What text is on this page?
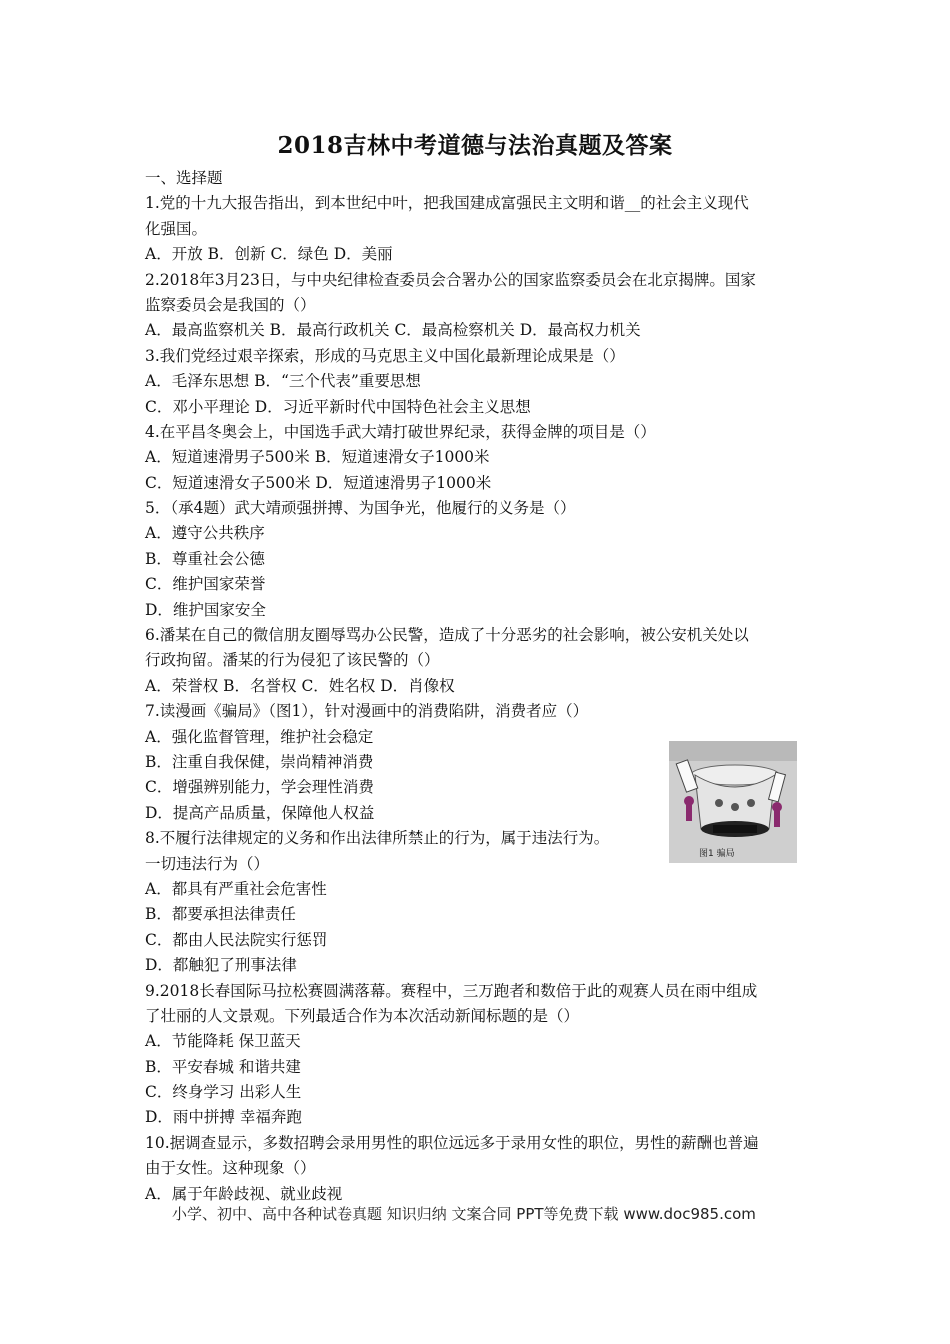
2018吉林中考道德与法治真题及答案
一、选择题
1.党的十九大报告指出，到本世纪中叶，把我国建成富强民主文明和谐__的社会主义现代
化强国。
A．开放 B．创新 C．绿色 D．美丽
2.2018年3月23日，与中央纪律检查委员会合署办公的国家监察委员会在北京揭牌。国家
监察委员会是我国的（）
A．最高监察机关 B．最高行政机关 C．最高检察机关 D．最高权力机关
3.我们党经过艰辛探索，形成的马克思主义中国化最新理论成果是（）
A．毛泽东思想 B．“三个代表”重要思想
C．邓小平理论 D．习近平新时代中国特色社会主义思想
4.在平昌冬奥会上，中国选手武大靖打破世界纪录，获得金牌的项目是（）
A．短道速滑男子500米 B．短道速滑女子1000米
C．短道速滑女子500米 D．短道速滑男子1000米
5．（承4题）武大靖顽强拼搏、为国争光，他履行的义务是（）
A．遵守公共秩序
B．尊重社会公德
C．维护国家荣誉
D．维护国家安全
6.潘某在自己的微信朋友圈辱骂办公民警，造成了十分恶劣的社会影响，被公安机关处以
行政拘留。潘某的行为侵犯了该民警的（）
A．荣誉权 B．名誉权 C．姓名权 D．肖像权
7.读漫画《骗局》（图1），针对漫画中的消费陷阱，消费者应（）
A．强化监督管理，维护社会稳定
B．注重自我保健，崇尚精神消费
C．增强辨别能力，学会理性消费
D．提高产品质量，保障他人权益
8.不履行法律规定的义务和作出法律所禁止的行为，属于违法行为。
一切违法行为（）
A．都具有严重社会危害性
B．都要承担法律责任
C．都由人民法院实行惩罚
D．都触犯了刑事法律
9.2018长春国际马拉松赛圆满落幕。赛程中，三万跑者和数倍于此的观赛人员在雨中组成
了壮丽的人文景观。下列最适合作为本次活动新闻标题的是（）
A．节能降耗 保卫蓝天
B．平安春城 和谐共建
C．终身学习 出彩人生
D．雨中拼搏 幸福奔跑
10.据调查显示，多数招聘会录用男性的职位远远多于录用女性的职位，男性的薪酬也普遍
由于女性。这种现象（）
A．属于年龄歧视、就业歧视
图1 骗局
小学、初中、高中各种试卷真题 知识归纳 文案合同 PPT等免费下载 www.doc985.com
